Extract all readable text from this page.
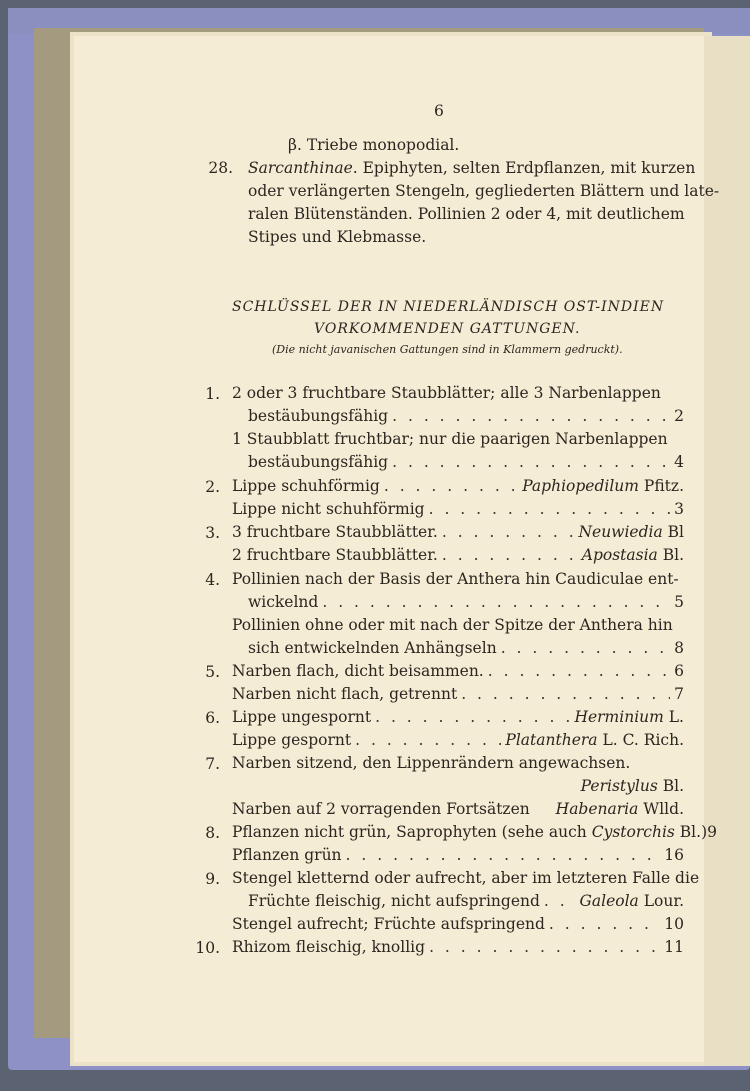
6
β. Triebe monopodial.
28. Sarcanthinae. Epiphyten, selten Erdpflanzen, mit kurzen
oder verlängerten Stengeln, gegliederten Blättern und late-
ralen Blütenständen. Pollinien 2 oder 4, mit deutlichem
Stipes und Klebmasse.
SCHLÜSSEL DER IN NIEDERLÄNDISCH OST-INDIEN
VORKOMMENDEN GATTUNGEN.
(Die nicht javanischen Gattungen sind in Klammern gedruckt).
1. 2 oder 3 fruchtbare Staubblätter; alle 3 Narbenlappen
bestäubungsfähig . . .	2
1 Staubblatt fruchtbar; nur die paarigen Narbenlappen
bestäubungsfähig . . .	4
2. Lippe schuhförmig . . .	Paphiopedilum Pfitz.
Lippe nicht schuhförmig . . .	3
3. 3 fruchtbare Staubblätter. . . .	Neuwiedia Bl
2 fruchtbare Staubblätter. . . .	Apostasia Bl.
4. Pollinien nach der Basis der Anthera hin Caudiculae ent-
wickelnd . . .	5
Pollinien ohne oder mit nach der Spitze der Anthera hin
sich entwickelnden Anhängseln . . .	8
5. Narben flach, dicht beisammen. . . .	6
Narben nicht flach, getrennt . . .	7
6. Lippe ungespornt . . .	Herminium L.
Lippe gespornt . . .	Platanthera L. C. Rich.
7. Narben sitzend, den Lippenrändern angewachsen.
Peristylus Bl.
Narben auf 2 vorragenden Fortsätzen Habenaria Wlld.
8. Pflanzen nicht grün, Saprophyten (sehe auch Cystorchis Bl.) 9
Pflanzen grün . . .	16
9. Stengel kletternd oder aufrecht, aber im letzteren Falle die
Früchte fleischig, nicht aufspringend . . .	Galeola Lour.
Stengel aufrecht; Früchte aufspringend . . .	10
10. Rhizom fleischig, knollig . . .	11
